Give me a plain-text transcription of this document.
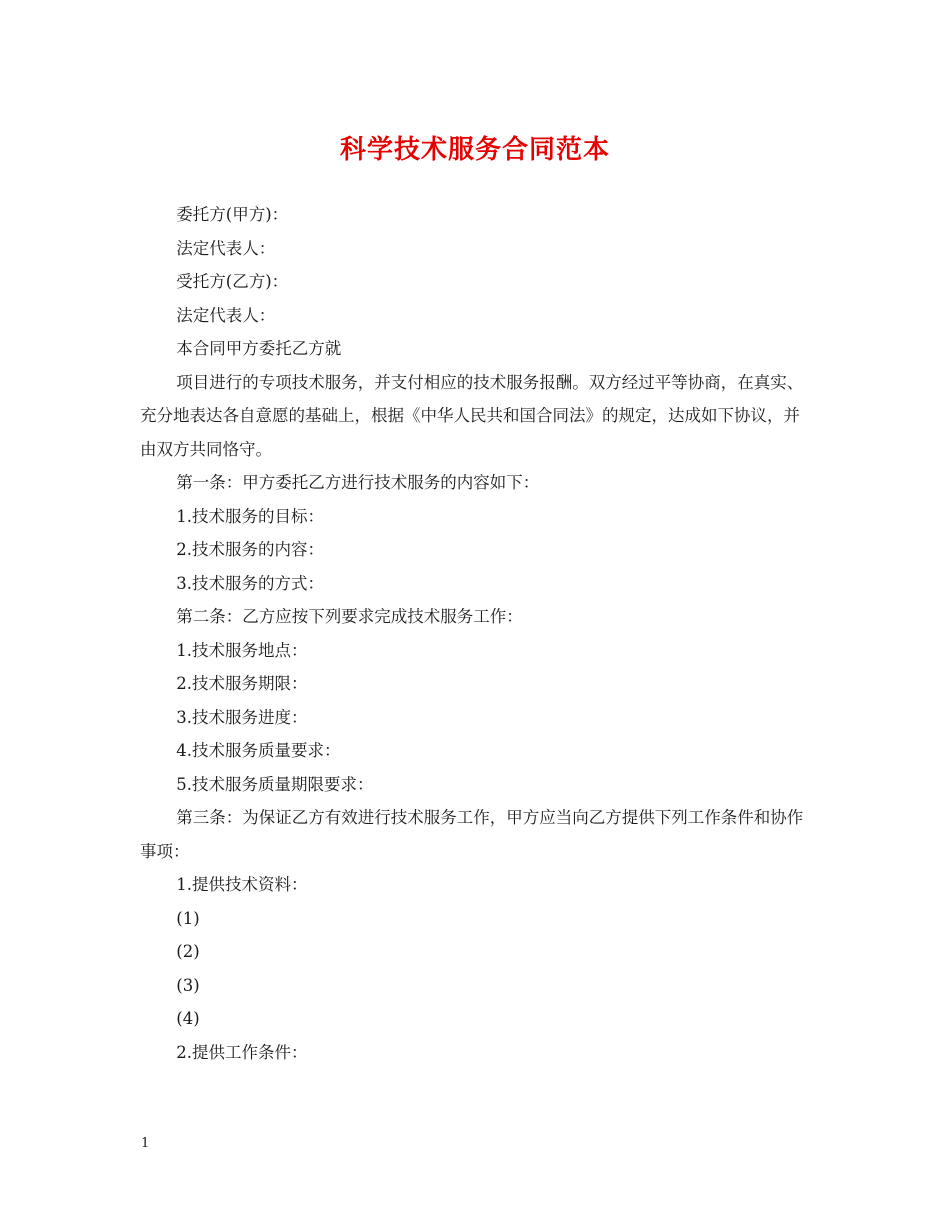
科学技术服务合同范本

委托方(甲方)：

法定代表人：

受托方(乙方)：

法定代表人：

本合同甲方委托乙方就

项目进行的专项技术服务，并支付相应的技术服务报酬。双方经过平等协商，在真实、充分地表达各自意愿的基础上，根据《中华人民共和国合同法》的规定，达成如下协议，并由双方共同恪守。

第一条：甲方委托乙方进行技术服务的内容如下：

1.技术服务的目标：

2.技术服务的内容：

3.技术服务的方式：

第二条：乙方应按下列要求完成技术服务工作：

1.技术服务地点：

2.技术服务期限：

3.技术服务进度：

4.技术服务质量要求：

5.技术服务质量期限要求：

第三条：为保证乙方有效进行技术服务工作，甲方应当向乙方提供下列工作条件和协作事项：

1.提供技术资料：

(1)

(2)

(3)

(4)

2.提供工作条件：

1
